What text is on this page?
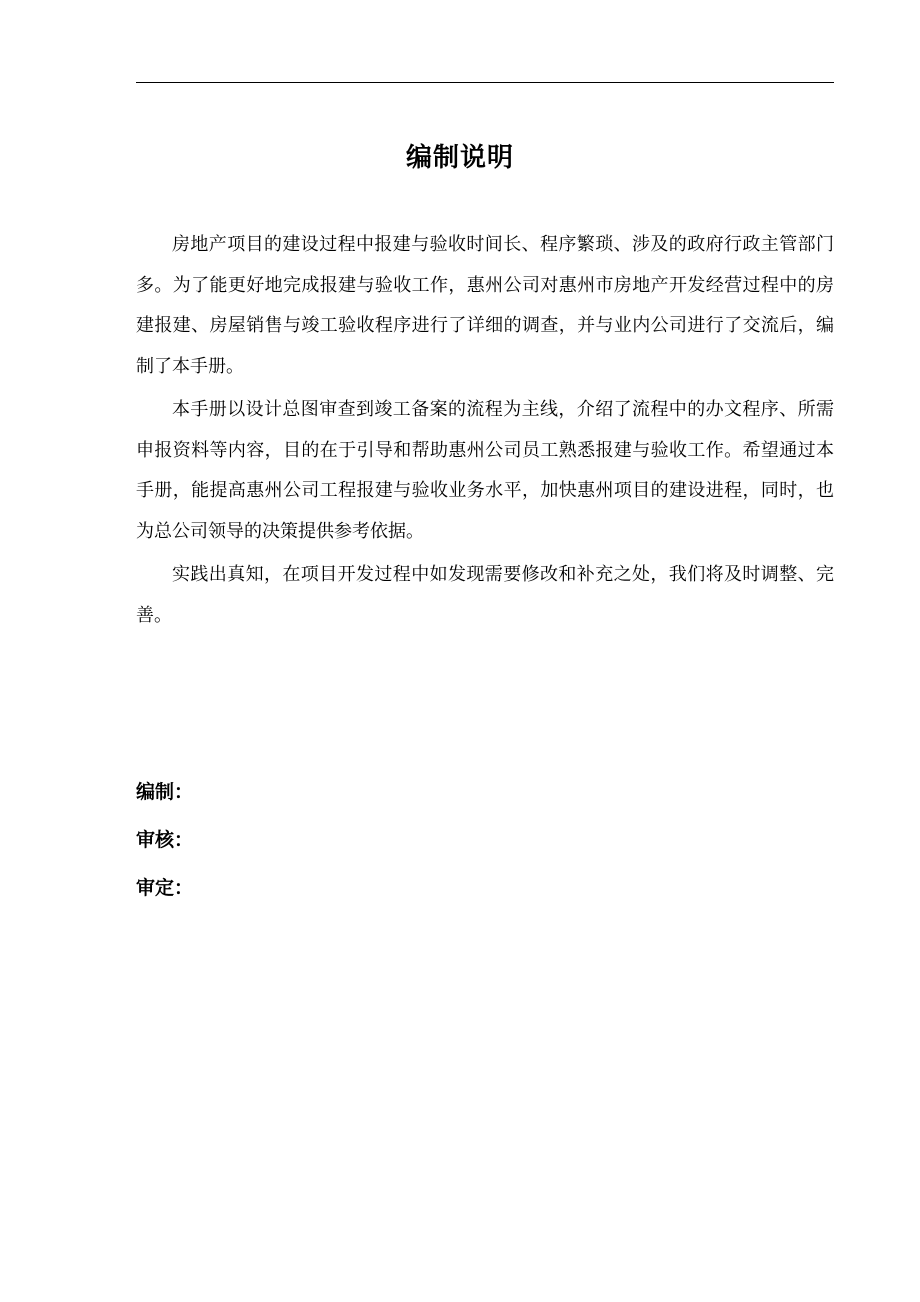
编制说明

房地产项目的建设过程中报建与验收时间长、程序繁琐、涉及的政府行政主管部门多。为了能更好地完成报建与验收工作，惠州公司对惠州市房地产开发经营过程中的房建报建、房屋销售与竣工验收程序进行了详细的调查，并与业内公司进行了交流后，编制了本手册。

本手册以设计总图审查到竣工备案的流程为主线，介绍了流程中的办文程序、所需申报资料等内容，目的在于引导和帮助惠州公司员工熟悉报建与验收工作。希望通过本手册，能提高惠州公司工程报建与验收业务水平，加快惠州项目的建设进程，同时，也为总公司领导的决策提供参考依据。

实践出真知，在项目开发过程中如发现需要修改和补充之处，我们将及时调整、完善。

编制：
审核：
审定：
